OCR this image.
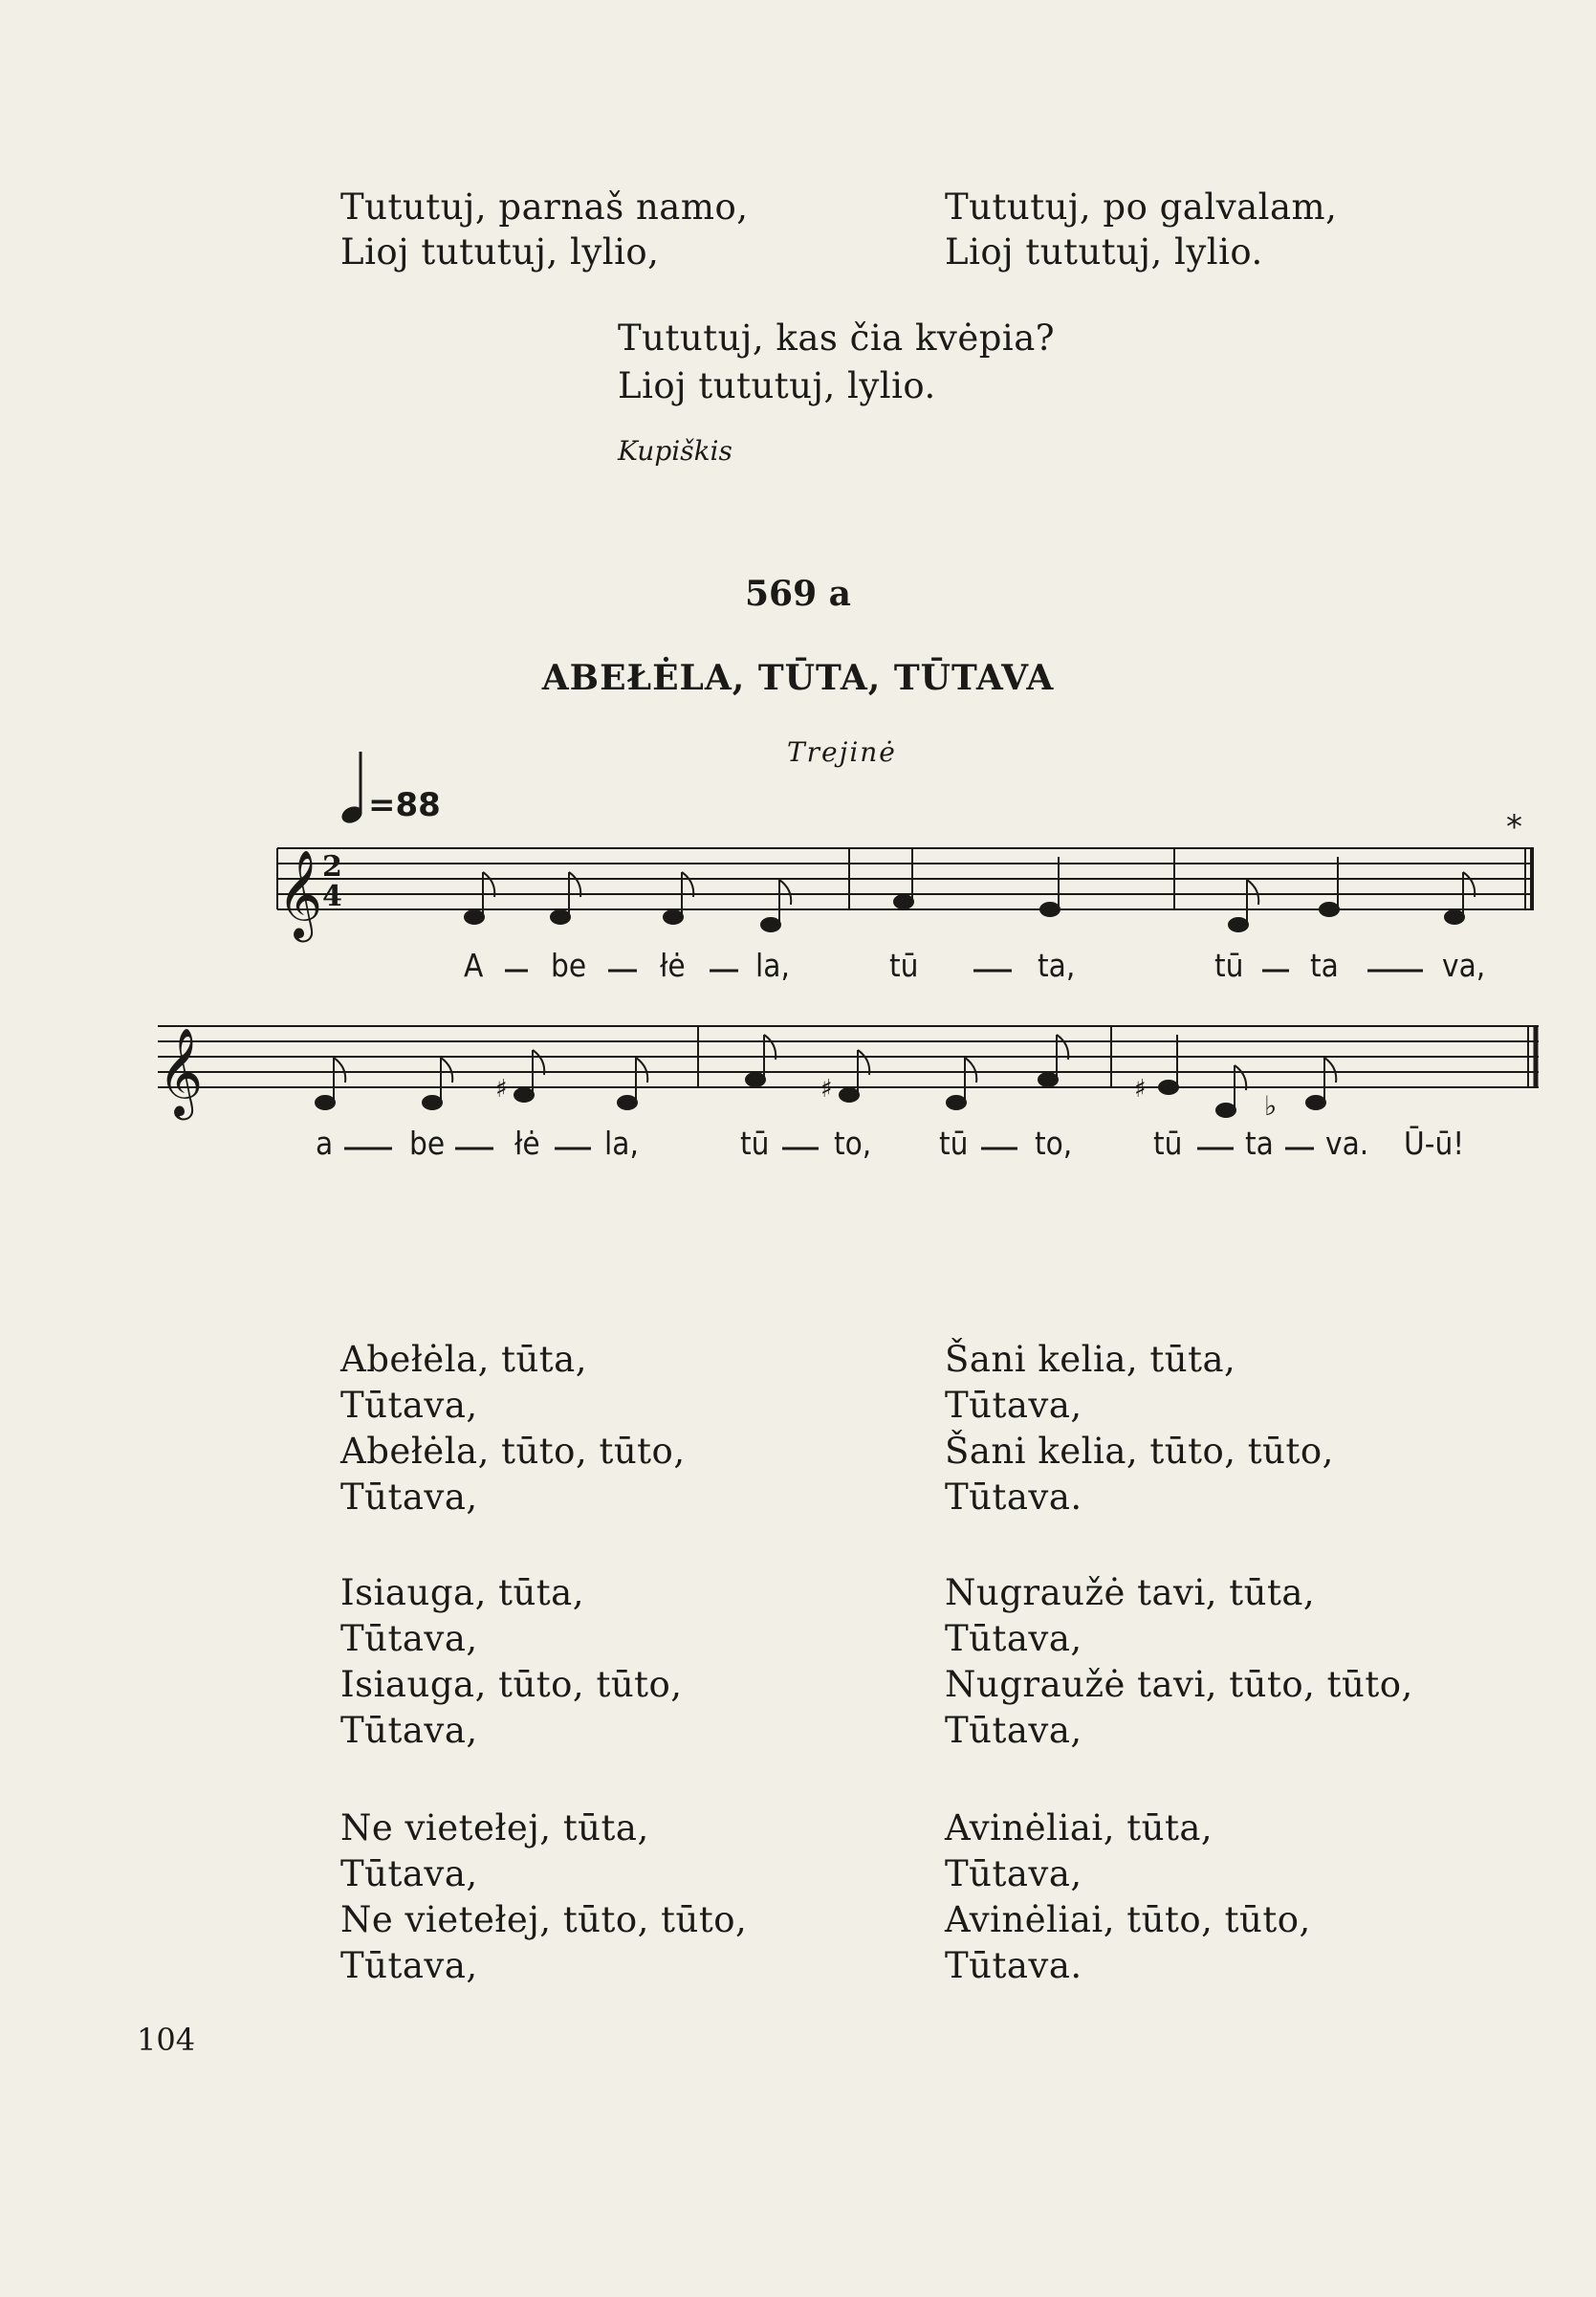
Tututuj, parnaš namo,
Lioj tututuj, lylio,
Tututuj, po galvalam,
Lioj tututuj, lylio.
Tututuj, kas čia kvėpia?
Lioj tututuj, lylio.
Kupiškis
569 a
ABEŁĖLA, TŪTA, TŪTAVA
Trejinė
=88
𝄞 2
4
*
𝄞	♯	♯	♯
♭
A be łė la,	tū	ta,	tū ta	va,
a be łė la,	tū to, tū to,	tū ta va. Ū-ū!
Abełėla, tūta,
Tūtava,
Abełėla, tūto, tūto,
Tūtava,
Isiauga, tūta,
Tūtava,
Isiauga, tūto, tūto,
Tūtava,
Ne vietełej, tūta,
Tūtava,
Ne vietełej, tūto, tūto,
Tūtava,
Šani kelia, tūta,
Tūtava,
Šani kelia, tūto, tūto,
Tūtava.
Nugraužė tavi, tūta,
Tūtava,
Nugraužė tavi, tūto, tūto,
Tūtava,
Avinėliai, tūta,
Tūtava,
Avinėliai, tūto, tūto,
Tūtava.
104
